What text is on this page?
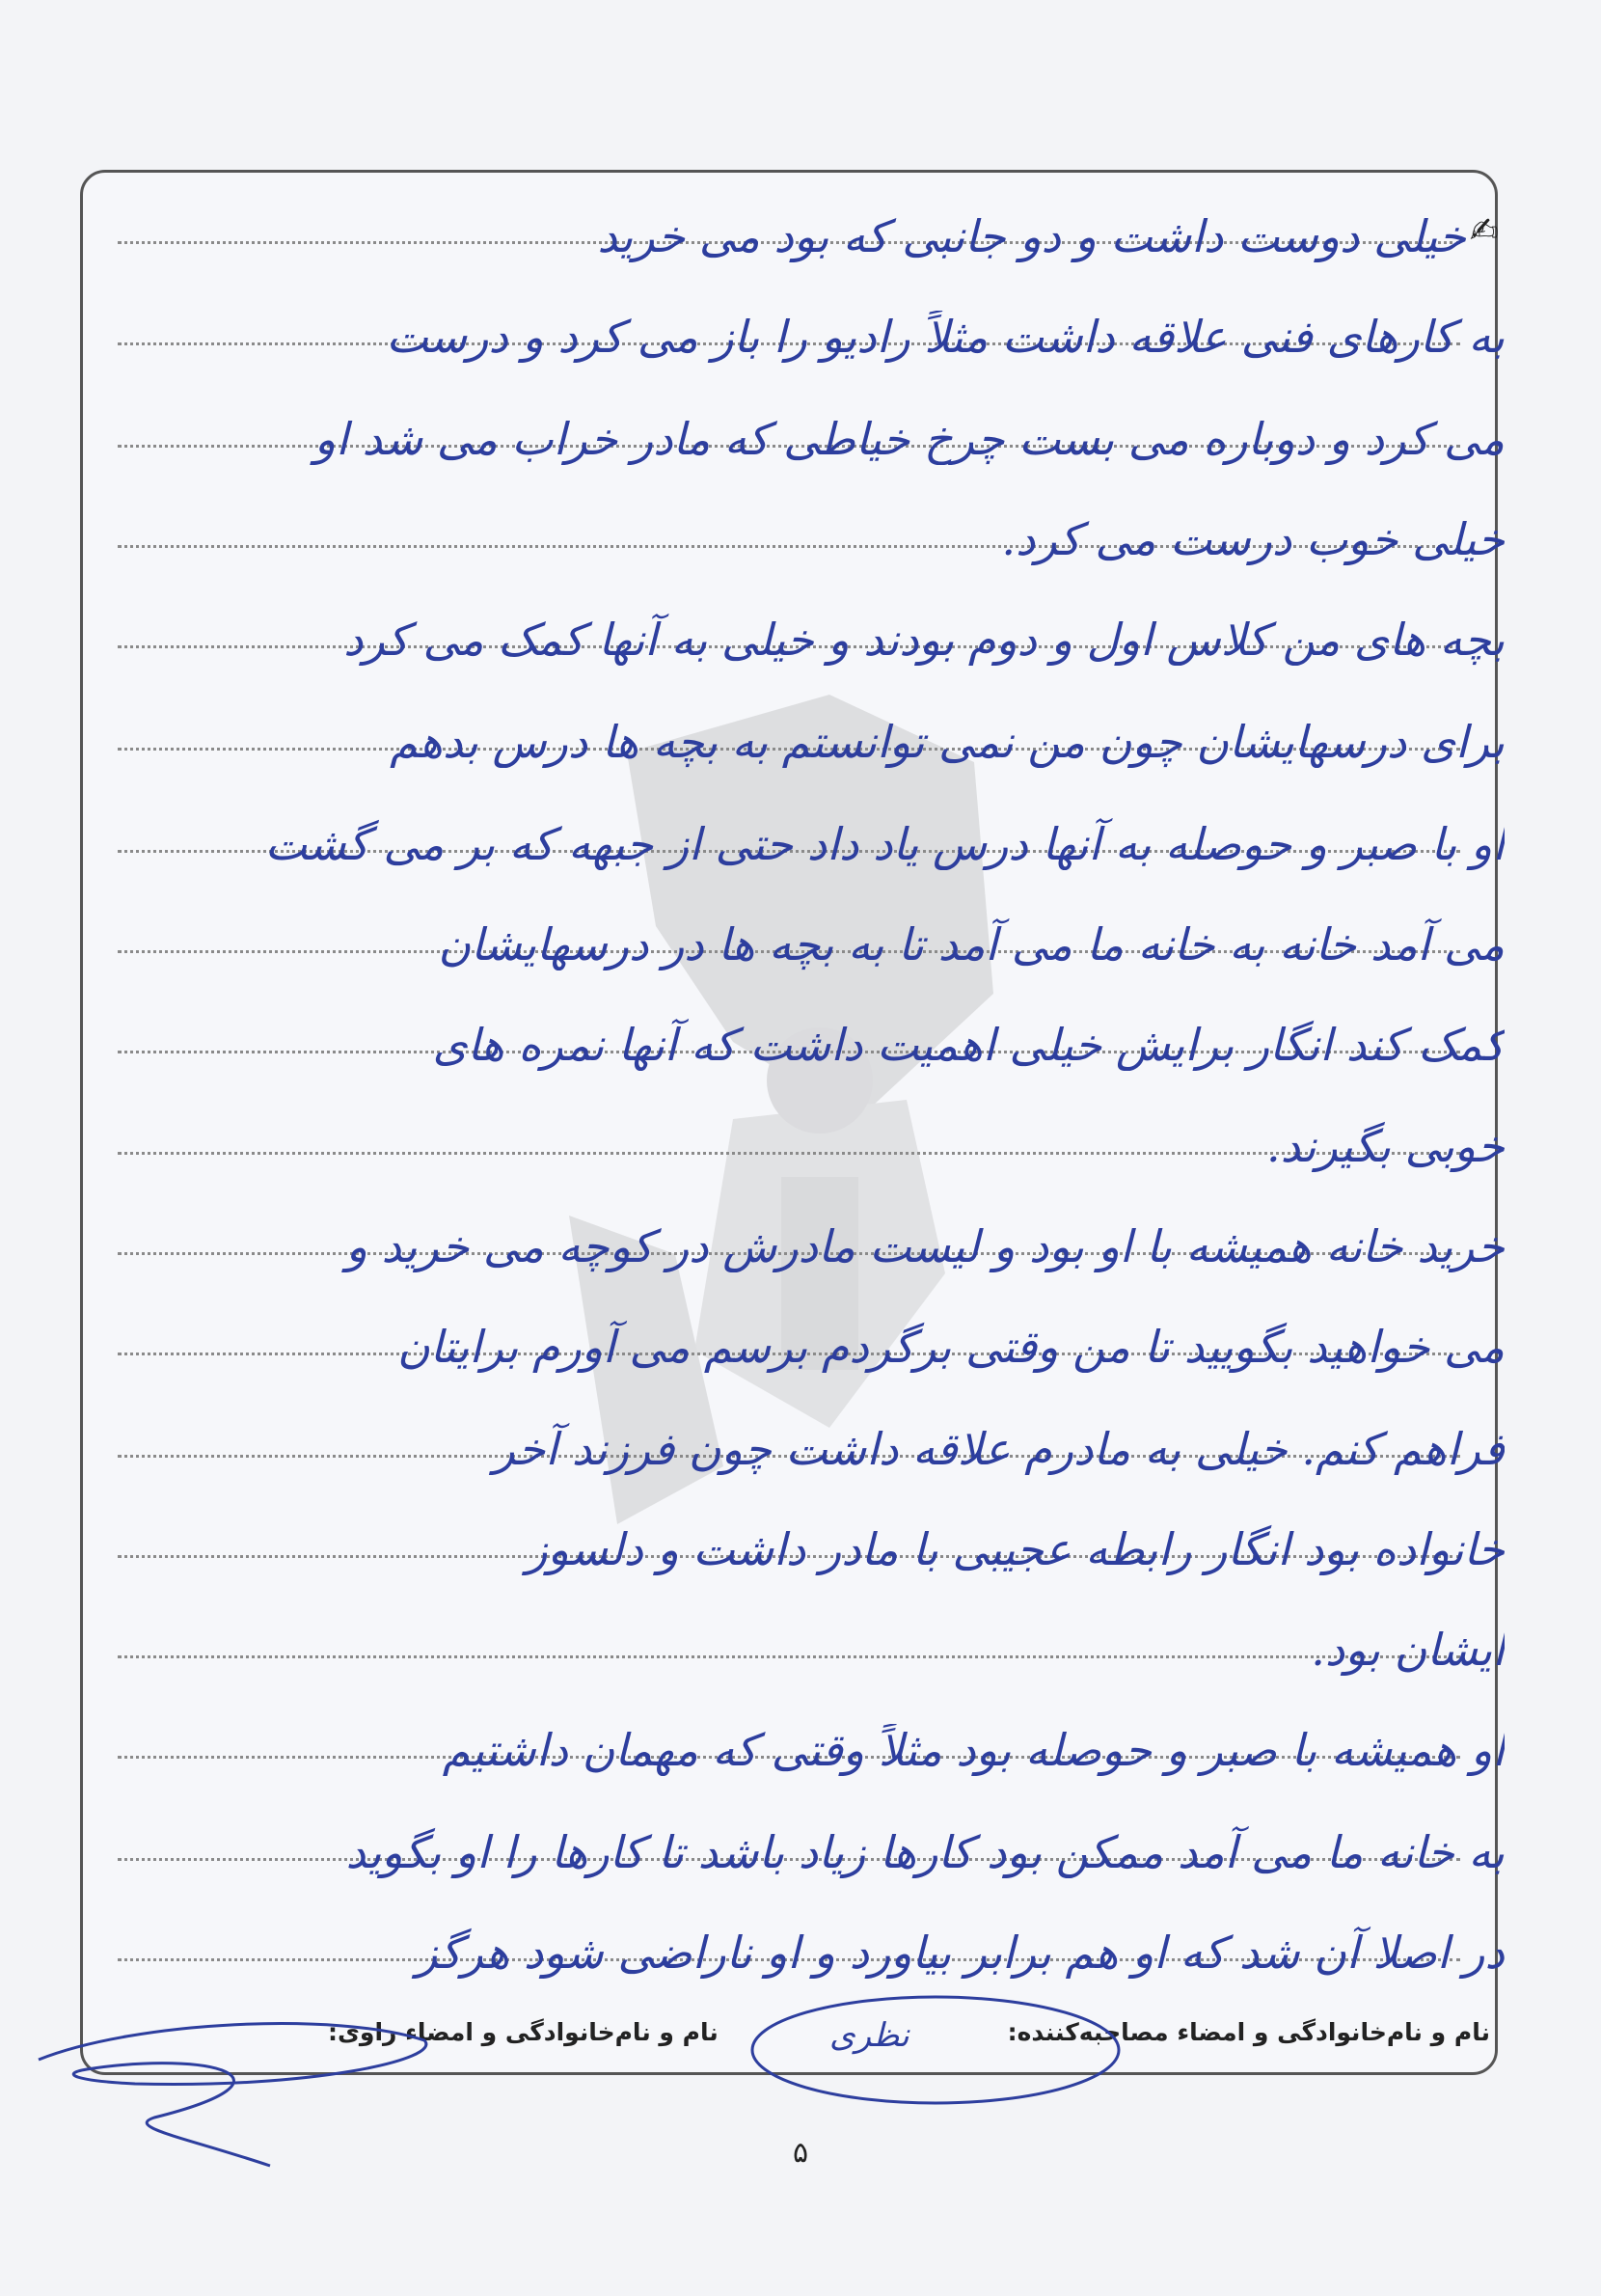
✍
خیلی دوست داشت و دو جانبی که بود می خرید
به کارهای فنی علاقه داشت مثلاً رادیو را باز می کرد و درست
می کرد و دوباره می بست چرخ خیاطی که مادر خراب می شد او
خیلی خوب درست می کرد.
بچه های من کلاس اول و دوم بودند و خیلی به آنها کمک می کرد
برای درسهایشان چون من نمی توانستم به بچه ها درس بدهم
او با صبر و حوصله به آنها درس یاد داد حتی از جبهه که بر می گشت
می آمد خانه به خانه ما می آمد تا به بچه ها در درسهایشان
کمک کند انگار برایش خیلی اهمیت داشت که آنها نمره های
خوبی بگیرند.
خرید خانه همیشه با او بود و لیست مادرش در کوچه می خرید و
می خواهید بگویید تا من وقتی برگردم برسم می آورم برایتان
فراهم کنم. خیلی به مادرم علاقه داشت چون فرزند آخر
خانواده بود انگار رابطه عجیبی با مادر داشت و دلسوز
ایشان بود.
او همیشه با صبر و حوصله بود مثلاً وقتی که مهمان داشتیم
به خانه ما می آمد ممکن بود کارها زیاد باشد تا کارها را او بگوید
در اصلا آن شد که او هم برابر بیاورد و او ناراضی شود هرگز
نام و نام‌خانوادگی و امضاء مصاحبه‌کننده:
نام و نام‌خانوادگی و امضاء راوی:	نظری
۵
